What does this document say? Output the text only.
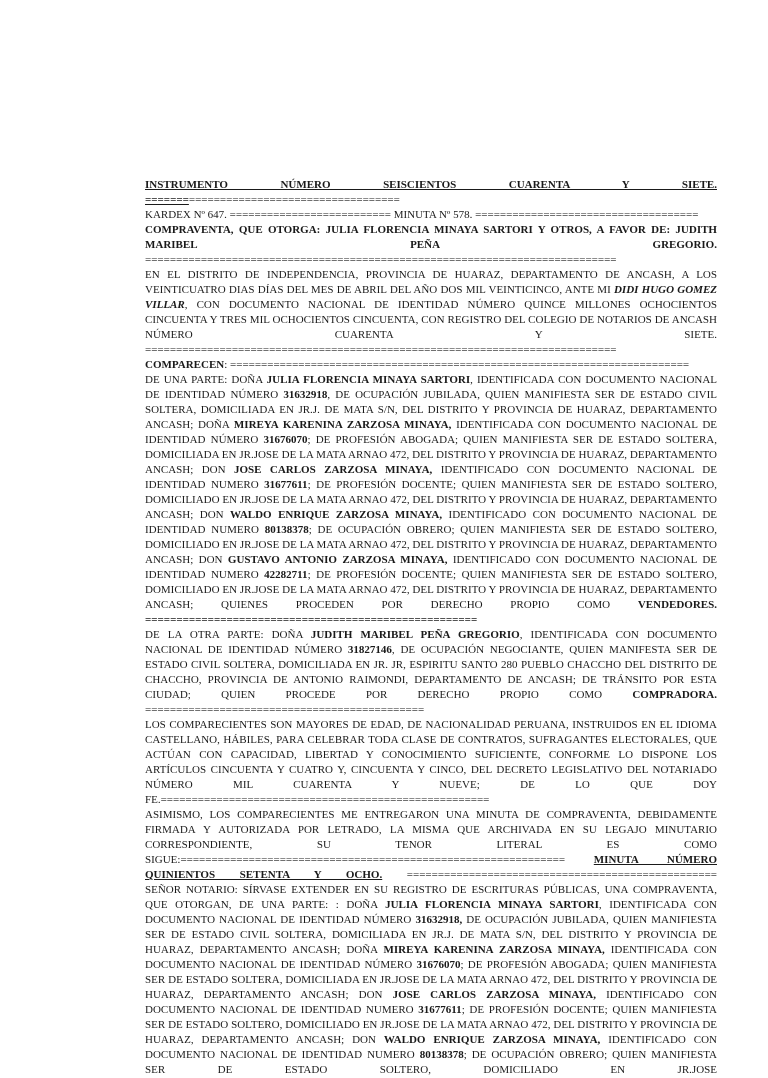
INSTRUMENTO NÚMERO SEISCIENTOS CUARENTA Y SIETE. =========================================
KARDEX Nº 647. ========================== MINUTA Nº 578. ====================================
COMPRAVENTA, QUE OTORGA: JULIA FLORENCIA MINAYA SARTORI Y OTROS, A FAVOR DE: JUDITH MARIBEL PEÑA GREGORIO.
============================================================================
EN EL DISTRITO DE INDEPENDENCIA, PROVINCIA DE HUARAZ, DEPARTAMENTO DE ANCASH, A LOS VEINTICUATRO DIAS DÍAS DEL MES DE ABRIL DEL AÑO DOS MIL VEINTICINCO, ANTE MI DIDI HUGO GOMEZ VILLAR, CON DOCUMENTO NACIONAL DE IDENTIDAD NÚMERO QUINCE MILLONES OCHOCIENTOS CINCUENTA Y TRES MIL OCHOCIENTOS CINCUENTA, CON REGISTRO DEL COLEGIO DE NOTARIOS DE ANCASH NÚMERO CUARENTA Y SIETE. ============================================================================
COMPARECEN: ==========================================================================
DE UNA PARTE: DOÑA JULIA FLORENCIA MINAYA SARTORI, IDENTIFICADA CON DOCUMENTO NACIONAL DE IDENTIDAD NÚMERO 31632918, DE OCUPACIÓN JUBILADA, QUIEN MANIFIESTA SER DE ESTADO CIVIL SOLTERA, DOMICILIADA EN JR.J. DE MATA S/N, DEL DISTRITO Y PROVINCIA DE HUARAZ, DEPARTAMENTO ANCASH; DOÑA MIREYA KARENINA ZARZOSA MINAYA, IDENTIFICADA CON DOCUMENTO NACIONAL DE IDENTIDAD NÚMERO 31676070; DE PROFESIÓN ABOGADA; QUIEN MANIFIESTA SER DE ESTADO SOLTERA, DOMICILIADA EN JR.JOSE DE LA MATA ARNAO 472, DEL DISTRITO Y PROVINCIA DE HUARAZ, DEPARTAMENTO ANCASH; DON JOSE CARLOS ZARZOSA MINAYA, IDENTIFICADO CON DOCUMENTO NACIONAL DE IDENTIDAD NUMERO 31677611; DE PROFESIÓN DOCENTE; QUIEN MANIFIESTA SER DE ESTADO SOLTERO, DOMICILIADO EN JR.JOSE DE LA MATA ARNAO 472, DEL DISTRITO Y PROVINCIA DE HUARAZ, DEPARTAMENTO ANCASH; DON WALDO ENRIQUE ZARZOSA MINAYA, IDENTIFICADO CON DOCUMENTO NACIONAL DE IDENTIDAD NUMERO 80138378; DE OCUPACIÓN OBRERO; QUIEN MANIFIESTA SER DE ESTADO SOLTERO, DOMICILIADO EN JR.JOSE DE LA MATA ARNAO 472, DEL DISTRITO Y PROVINCIA DE HUARAZ, DEPARTAMENTO ANCASH; DON GUSTAVO ANTONIO ZARZOSA MINAYA, IDENTIFICADO CON DOCUMENTO NACIONAL DE IDENTIDAD NUMERO 42282711; DE PROFESIÓN DOCENTE; QUIEN MANIFIESTA SER DE ESTADO SOLTERO, DOMICILIADO EN JR.JOSE DE LA MATA ARNAO 472, DEL DISTRITO Y PROVINCIA DE HUARAZ, DEPARTAMENTO ANCASH; QUIENES PROCEDEN POR DERECHO PROPIO COMO VENDEDORES.
=====================================================
DE LA OTRA PARTE: DOÑA JUDITH MARIBEL PEÑA GREGORIO, IDENTIFICADA CON DOCUMENTO NACIONAL DE IDENTIDAD NÚMERO 31827146, DE OCUPACIÓN NEGOCIANTE, QUIEN MANIFESTA SER DE ESTADO CIVIL SOLTERA, DOMICILIADA EN JR. JR, ESPIRITU SANTO 280 PUEBLO CHACCHO DEL DISTRITO DE CHACCHO, PROVINCIA DE ANTONIO RAIMONDI, DEPARTAMENTO DE ANCASH; DE TRÁNSITO POR ESTA CIUDAD; QUIEN PROCEDE POR DERECHO PROPIO COMO COMPRADORA.
=============================================
LOS COMPARECIENTES SON MAYORES DE EDAD, DE NACIONALIDAD PERUANA, INSTRUIDOS EN EL IDIOMA CASTELLANO, HÁBILES, PARA CELEBRAR TODA CLASE DE CONTRATOS, SUFRAGANTES ELECTORALES, QUE ACTÚAN CON CAPACIDAD, LIBERTAD Y CONOCIMIENTO SUFICIENTE, CONFORME LO DISPONE LOS ARTÍCULOS CINCUENTA Y CUATRO Y, CINCUENTA Y CINCO, DEL DECRETO LEGISLATIVO DEL NOTARIADO NÚMERO MIL CUARENTA Y NUEVE; DE LO QUE DOY FE.=====================================================
ASIMISMO, LOS COMPARECIENTES ME ENTREGARON UNA MINUTA DE COMPRAVENTA, DEBIDAMENTE FIRMADA Y AUTORIZADA POR LETRADO, LA MISMA QUE ARCHIVADA EN SU LEGAJO MINUTARIO CORRESPONDIENTE, SU TENOR LITERAL ES COMO SIGUE:============================================================== MINUTA NÚMERO QUINIENTOS SETENTA Y OCHO. ==================================================
SEÑOR NOTARIO: SÍRVASE EXTENDER EN SU REGISTRO DE ESCRITURAS PÚBLICAS, UNA COMPRAVENTA, QUE OTORGAN, DE UNA PARTE: : DOÑA JULIA FLORENCIA MINAYA SARTORI, IDENTIFICADA CON DOCUMENTO NACIONAL DE IDENTIDAD NÚMERO 31632918, DE OCUPACIÓN JUBILADA, QUIEN MANIFIESTA SER DE ESTADO CIVIL SOLTERA, DOMICILIADA EN JR.J. DE MATA S/N, DEL DISTRITO Y PROVINCIA DE HUARAZ, DEPARTAMENTO ANCASH; DOÑA MIREYA KARENINA ZARZOSA MINAYA, IDENTIFICADA CON DOCUMENTO NACIONAL DE IDENTIDAD NÚMERO 31676070; DE PROFESIÓN ABOGADA; QUIEN MANIFIESTA SER DE ESTADO SOLTERA, DOMICILIADA EN JR.JOSE DE LA MATA ARNAO 472, DEL DISTRITO Y PROVINCIA DE HUARAZ, DEPARTAMENTO ANCASH; DON JOSE CARLOS ZARZOSA MINAYA, IDENTIFICADO CON DOCUMENTO NACIONAL DE IDENTIDAD NUMERO 31677611; DE PROFESIÓN DOCENTE; QUIEN MANIFIESTA SER DE ESTADO SOLTERO, DOMICILIADO EN JR.JOSE DE LA MATA ARNAO 472, DEL DISTRITO Y PROVINCIA DE HUARAZ, DEPARTAMENTO ANCASH; DON WALDO ENRIQUE ZARZOSA MINAYA, IDENTIFICADO CON DOCUMENTO NACIONAL DE IDENTIDAD NUMERO 80138378; DE OCUPACIÓN OBRERO; QUIEN MANIFIESTA SER DE ESTADO SOLTERO, DOMICILIADO EN JR.JOSE
